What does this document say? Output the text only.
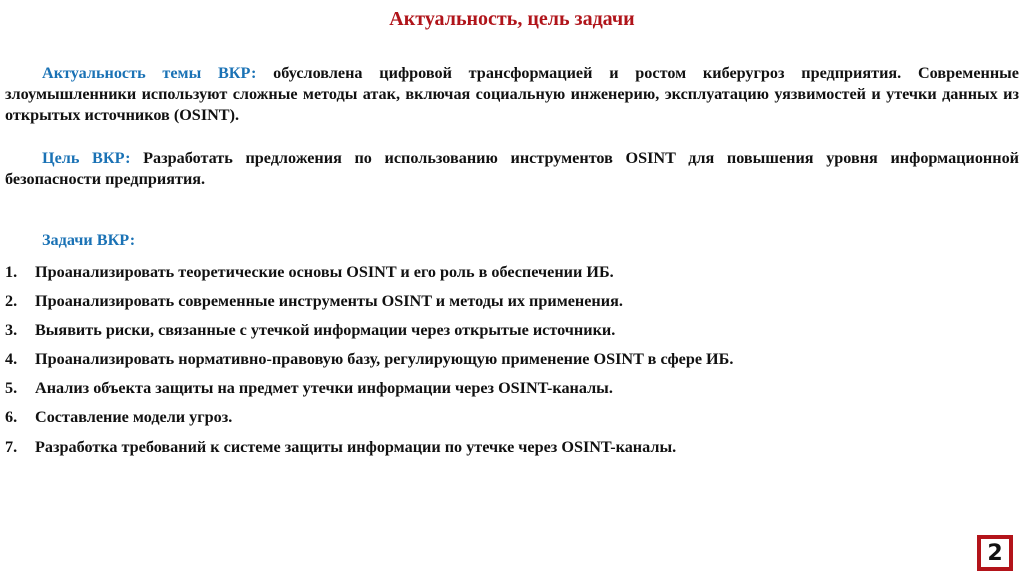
Актуальность, цель задачи
Актуальность темы ВКР: обусловлена цифровой трансформацией и ростом киберугроз предприятия. Современные злоумышленники используют сложные методы атак, включая социальную инженерию, эксплуатацию уязвимостей и утечки данных из открытых источников (OSINT).
Цель ВКР: Разработать предложения по использованию инструментов OSINT для повышения уровня информационной безопасности предприятия.
Задачи ВКР:
1.	Проанализировать теоретические основы OSINT и его роль в обеспечении ИБ.
2.	Проанализировать современные инструменты OSINT и методы их применения.
3.	Выявить риски, связанные с утечкой информации через открытые источники.
4.	Проанализировать нормативно-правовую базу, регулирующую применение OSINT в сфере ИБ.
5.	Анализ объекта защиты на предмет утечки информации через OSINT-каналы.
6.	Составление модели угроз.
7.	Разработка требований к системе защиты информации по утечке через OSINT-каналы.
2
